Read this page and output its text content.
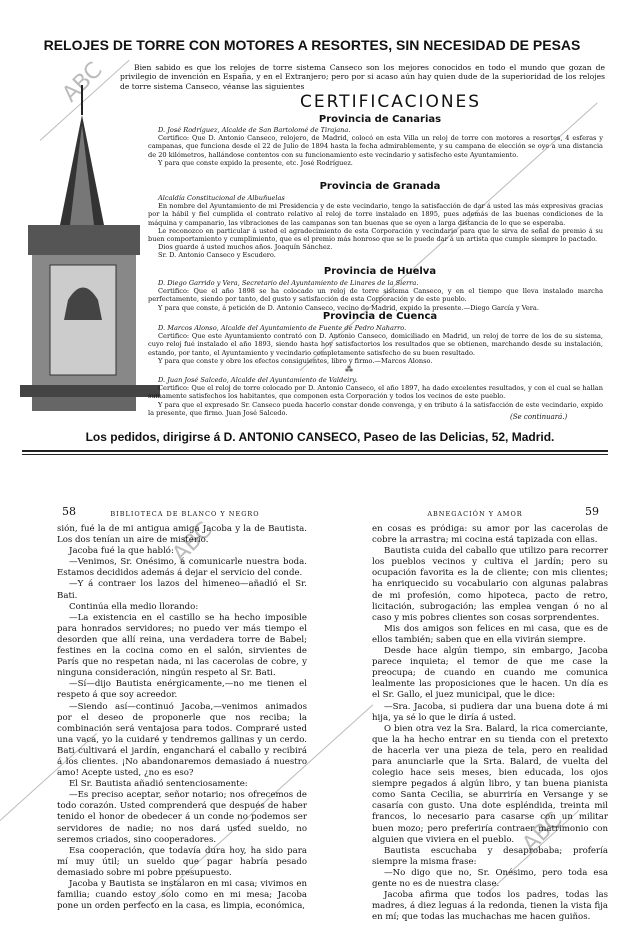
ABC
ABC
ABC
RELOJES DE TORRE CON MOTORES A RESORTES, SIN NECESIDAD DE PESAS
Bien sabido es que los relojes de torre sistema Canseco son los mejores conocidos en todo el mundo que gozan de privilegio de invención en España, y en el Extranjero; pero por si acaso aún hay quien dude de la superioridad de los relojes de torre sistema Canseco, véanse las siguientes
CERTIFICACIONES
Provincia de Canarias

D. José Rodríguez, Alcalde de San Bartolomé de Tirajana.

Certifico: Que D. Antonio Canseco, relojero, de Madrid, colocó en esta Villa un reloj de torre con motores a resortes, 4 esferas y campanas, que funciona desde el 22 de Julio de 1894 hasta la fecha admirablemente, y su campana de elección se oye a una distancia de 20 kilómetros, hallándose contentos con su funcionamiento este vecindario y satisfecho este Ayuntamiento.

Y para que conste expido la presente, etc. José Rodríguez.

Provincia de Granada

Alcaldía Constitucional de Albuñuelas

En nombre del Ayuntamiento de mi Presidencia y de este vecindario, tengo la satisfacción de dar á usted las más expresivas gracias por la hábil y fiel cumplida el contrato relativo al reloj de torre instalado en 1895, pues además de las buenas condiciones de la máquina y campanario, las vibraciones de las campanas son tan buenas que se oyen a larga distancia de lo que se esperaba.

Le reconozco en particular á usted el agradecimiento de esta Corporación y vecindario para que le sirva de señal de premio á su buen comportamiento y cumplimiento, que es el premio más honroso que se le puede dar á un artista que cumple siempre lo pactado.

Dios guarde á usted muchos años. Joaquín Sánchez.

Sr. D. Antonio Canseco y Escudero.

Provincia de Huelva

D. Diego Garrido y Vera, Secretario del Ayuntamiento de Linares de la Sierra.

Certifico: Que el año 1898 se ha colocado un reloj de torre sistema Canseco, y en el tiempo que lleva instalado marcha perfectamente, siendo por tanto, del gusto y satisfacción de esta Corporación y de este pueblo.

Y para que conste, á petición de D. Antonio Canseco, vecino de Madrid, expido la presente.—Diego García y Vera.

Provincia de Cuenca

D. Marcos Alonso, Alcalde del Ayuntamiento de Fuente de Pedro Naharro.

Certifico: Que este Ayuntamiento contrató con D. Antonio Canseco, domiciliado en Madrid, un reloj de torre de los de su sistema, cuyo reloj fué instalado el año 1893, siendo hasta hoy satisfactorios los resultados que se obtienen, marchando desde su instalación, estando, por tanto, el Ayuntamiento y vecindario completamente satisfecho de su buen resultado.

Y para que conste y obre los efectos consiguientes, libro y firmo.—Marcos Alonso.

⁂

D. Juan José Salcedo, Alcalde del Ayuntamiento de Valdeiry.

Certifico: Que el reloj de torre colocado por D. Antonio Canseco, el año 1897, ha dado excelentes resultados, y con el cual se hallan sumamente satisfechos los habitantes, que componen esta Corporación y todos los vecinos de este pueblo.

Y para que el expresado Sr. Canseco pueda hacerlo constar donde convenga, y en tributo á la satisfacción de este vecindario, expido la presente, que firmo. Juan José Salcedo.

(Se continuará.)
Los pedidos, dirigirse á D. ANTONIO CANSECO, Paseo de las Delicias, 52, Madrid.
58	BIBLIOTECA DE BLANCO Y NEGRO

sión, fué la de mi antigua amiga Jacoba y la de Bautista. Los dos tenían un aire de misterio.

Jacoba fué la que habló:

—Venimos, Sr. Onésimo, á comunicarle nuestra boda. Estamos decididos además á dejar el servicio del conde.

—Y á contraer los lazos del himeneo—añadió el Sr. Bati.

Continúa ella medio llorando:

—La existencia en el castillo se ha hecho imposible para honrados servidores; no puedo ver más tiempo el desorden que allí reina, una verdadera torre de Babel; festines en la cocina como en el salón, sirvientes de París que no respetan nada, ni las cacerolas de cobre, y ninguna consideración, ningún respeto al Sr. Bati.

—Sí—dijo Bautista enérgicamente,—no me tienen el respeto á que soy acreedor.

—Siendo así—continuó Jacoba,—venimos animados por el deseo de proponerle que nos reciba; la combinación será ventajosa para todos. Compraré usted una vaca, yo la cuidaré y tendremos gallinas y un cerdo. Bati cultivará el jardín, enganchará el caballo y recibirá á los clientes. ¡No abandonaremos demasiado á nuestro amo! Acepte usted, ¿no es eso?

El Sr. Bautista añadió sentenciosamente:

—Es preciso aceptar, señor notario; nos ofrecemos de todo corazón. Usted comprenderá que después de haber tenido el honor de obedecer á un conde no podemos ser servidores de nadie; no nos dará usted sueldo, no seremos criados, sino cooperadores.

Esa cooperación, que todavía dura hoy, ha sido para mí muy útil; un sueldo que pagar habría pesado demasiado sobre mi pobre presupuesto.

Jacoba y Bautista se instalaron en mi casa; vivimos en familia; cuando estoy solo como en mi mesa; Jacoba pone un orden perfecto en la casa, es limpia, económica,

ABNEGACIÓN Y AMOR	59

en cosas es pródiga: su amor por las cacerolas de cobre la arrastra; mi cocina está tapizada con ellas.

Bautista cuida del caballo que utilizo para recorrer los pueblos vecinos y cultiva el jardín; pero su ocupación favorita es la de cliente; con mis clientes; ha enriquecido su vocabulario con algunas palabras de mi profesión, como hipoteca, pacto de retro, licitación, subrogación; las emplea vengan ó no al caso y mis pobres clientes son cosas sorprendentes.

Mis dos amigos son felices en mi casa, que es de ellos también; saben que en ella vivirán siempre.

Desde hace algún tiempo, sin embargo, Jacoba parece inquieta; el temor de que me case la preocupa; de cuando en cuando me comunica lealmente las proposiciones que le hacen. Un día es el Sr. Gallo, el juez municipal, que le dice:

—Sra. Jacoba, si pudiera dar una buena dote á mi hija, ya sé lo que le diría á usted.

O bien otra vez la Sra. Balard, la rica comerciante, que la ha hecho entrar en su tienda con el pretexto de hacerla ver una pieza de tela, pero en realidad para anunciarle que la Srta. Balard, de vuelta del colegio hace seis meses, bien educada, los ojos siempre pegados á algún libro, y tan buena pianista como Santa Cecilia, se aburriría en Versange y se casaría con gusto. Una dote espléndida, treinta mil francos, lo necesario para casarse con un militar buen mozo; pero preferiría contraer matrimonio con alguien que viviera en el pueblo.

Bautista escuchaba y desaprobaba; profería siempre la misma frase:

—No digo que no, Sr. Onésimo, pero toda esa gente no es de nuestra clase.

Jacoba afirma que todos los padres, todas las madres, á diez leguas á la redonda, tienen la vista fija en mí; que todas las muchachas me hacen guiños.
